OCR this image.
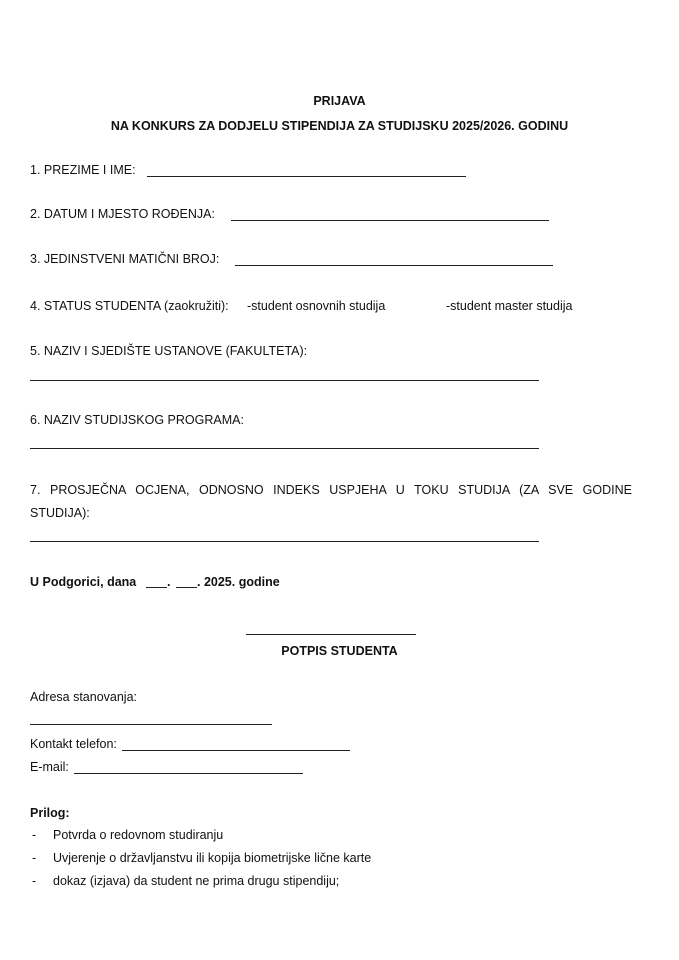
PRIJAVA
NA KONKURS ZA DODJELU STIPENDIJA ZA STUDIJSKU 2025/2026. GODINU
1. PREZIME I IME:
2. DATUM I MJESTO ROĐENJA:
3. JEDINSTVENI MATIČNI BROJ:
4. STATUS STUDENTA (zaokružiti): -student osnovnih studija	-student master studija
5. NAZIV I SJEDIŠTE USTANOVE (FAKULTETA):
6. NAZIV STUDIJSKOG PROGRAMA:
7. PROSJEČNA OCJENA, ODNOSNO INDEKS USPJEHA U TOKU STUDIJA (ZA SVE GODINE
STUDIJA):
U Podgorici, dana . . 2025. godine
POTPIS STUDENTA
Adresa stanovanja:
Kontakt telefon:
E-mail:
Prilog:
- Potvrda o redovnom studiranju
- Uvjerenje o državljanstvu ili kopija biometrijske lične karte
- dokaz (izjava) da student ne prima drugu stipendiju;
